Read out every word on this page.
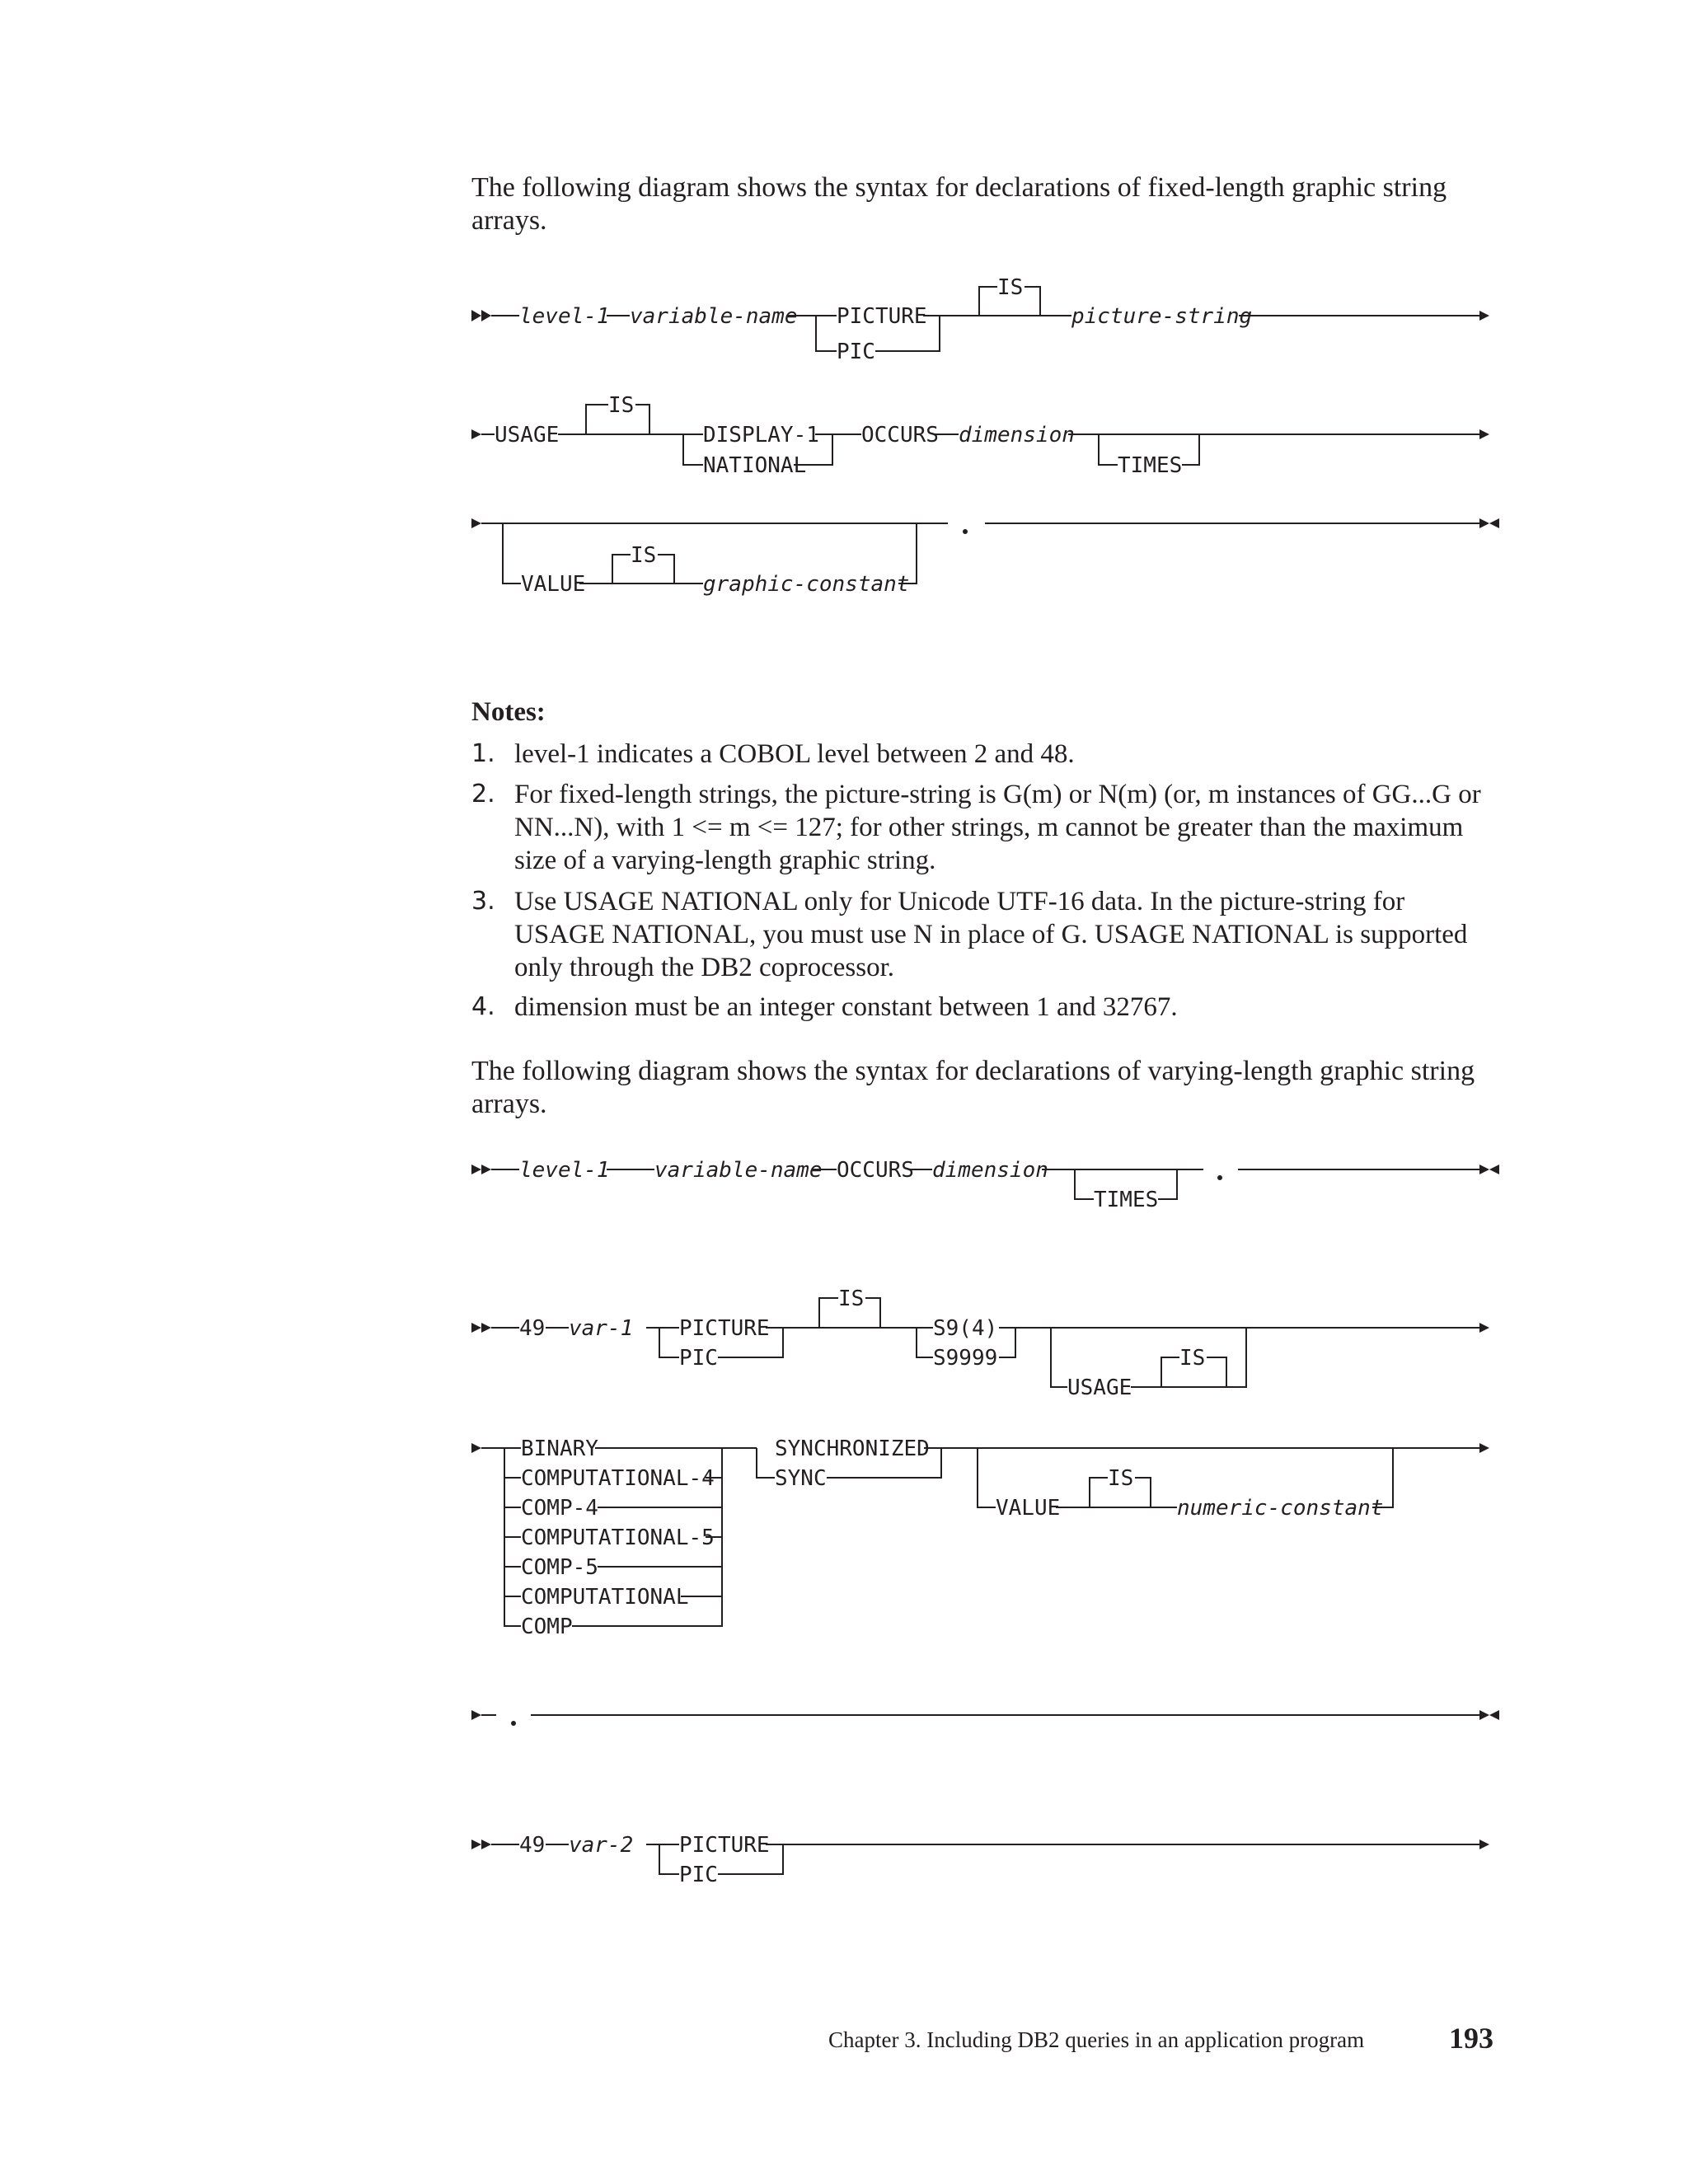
The following diagram shows the syntax for declarations of fixed-length graphic string arrays.
level-1 variable-name PICTURE
PIC
IS
picture-string
USAGE
IS
DISPLAY-1
NATIONAL
OCCURS dimension
TIMES
VALUE
IS
graphic-constant
level-1 variable-name OCCURS dimension
TIMES
49 var-1 PICTURE
PIC
IS
S9(4)
S9999
USAGE
IS
BINARY
COMPUTATIONAL-4
COMP-4
COMPUTATIONAL-5
COMP-5
COMPUTATIONAL
COMP
SYNCHRONIZED
SYNC
VALUE
IS
numeric-constant
49 var-2 PICTURE
PIC
Notes:
1. level-1 indicates a COBOL level between 2 and 48.
2. For fixed-length strings, the picture-string is G(m) or N(m) (or, m instances of GG...G or NN...N), with 1 <= m <= 127; for other strings, m cannot be greater than the maximum size of a varying-length graphic string.
3. Use USAGE NATIONAL only for Unicode UTF-16 data. In the picture-string for USAGE NATIONAL, you must use N in place of G. USAGE NATIONAL is supported only through the DB2 coprocessor.
4. dimension must be an integer constant between 1 and 32767.
The following diagram shows the syntax for declarations of varying-length graphic string arrays.
Chapter 3. Including DB2 queries in an application program	193
